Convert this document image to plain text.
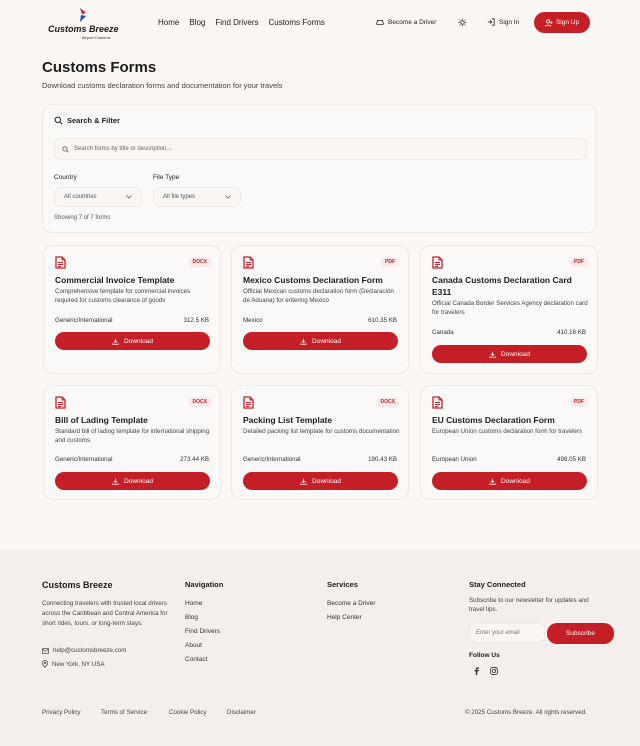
Customs Breeze
Airport Customs
Home Blog Find Drivers Customs Forms	Become a Driver	Sign In	Sign Up
Customs Forms

Download customs declaration forms and documentation for your travels

Search & Filter
Search forms by title or description...
Country
All countries
File Type
All file types
Showing 7 of 7 forms
DOCX
Commercial Invoice Template
Comprehensive template for commercial invoices required for customs clearance of goods
Generic/International	312.5 KB
Download
PDF
Mexico Customs Declaration Form
Official Mexican customs declaration form (Declaración de Aduana) for entering Mexico
Mexico	610.35 KB
Download
PDF
Canada Customs Declaration Card E311
Official Canada Border Services Agency declaration card for travelers
Canada	410.16 KB
Download
DOCX
Bill of Lading Template
Standard bill of lading template for international shipping and customs
Generic/International	273.44 KB
Download
DOCX
Packing List Template
Detailed packing list template for customs documentation
Generic/International	190.43 KB
Download
PDF
EU Customs Declaration Form
European Union customs declaration form for travelers
European Union	498.05 KB
Download
Customs Breeze

Connecting travelers with trusted local drivers across the Caribbean and Central America for short rides, tours, or long-term stays.

help@customsbreeze.com
New York, NY USA
Navigation
Home
Blog
Find Drivers
About
Contact
Services
Become a Driver
Help Center
Stay Connected

Subscribe to our newsletter for updates and travel tips.

Enter your email	Subscribe
Follow Us
Privacy Policy	Terms of Service	Cookie Policy	Disclaimer	© 2025 Customs Breeze. All rights reserved.
